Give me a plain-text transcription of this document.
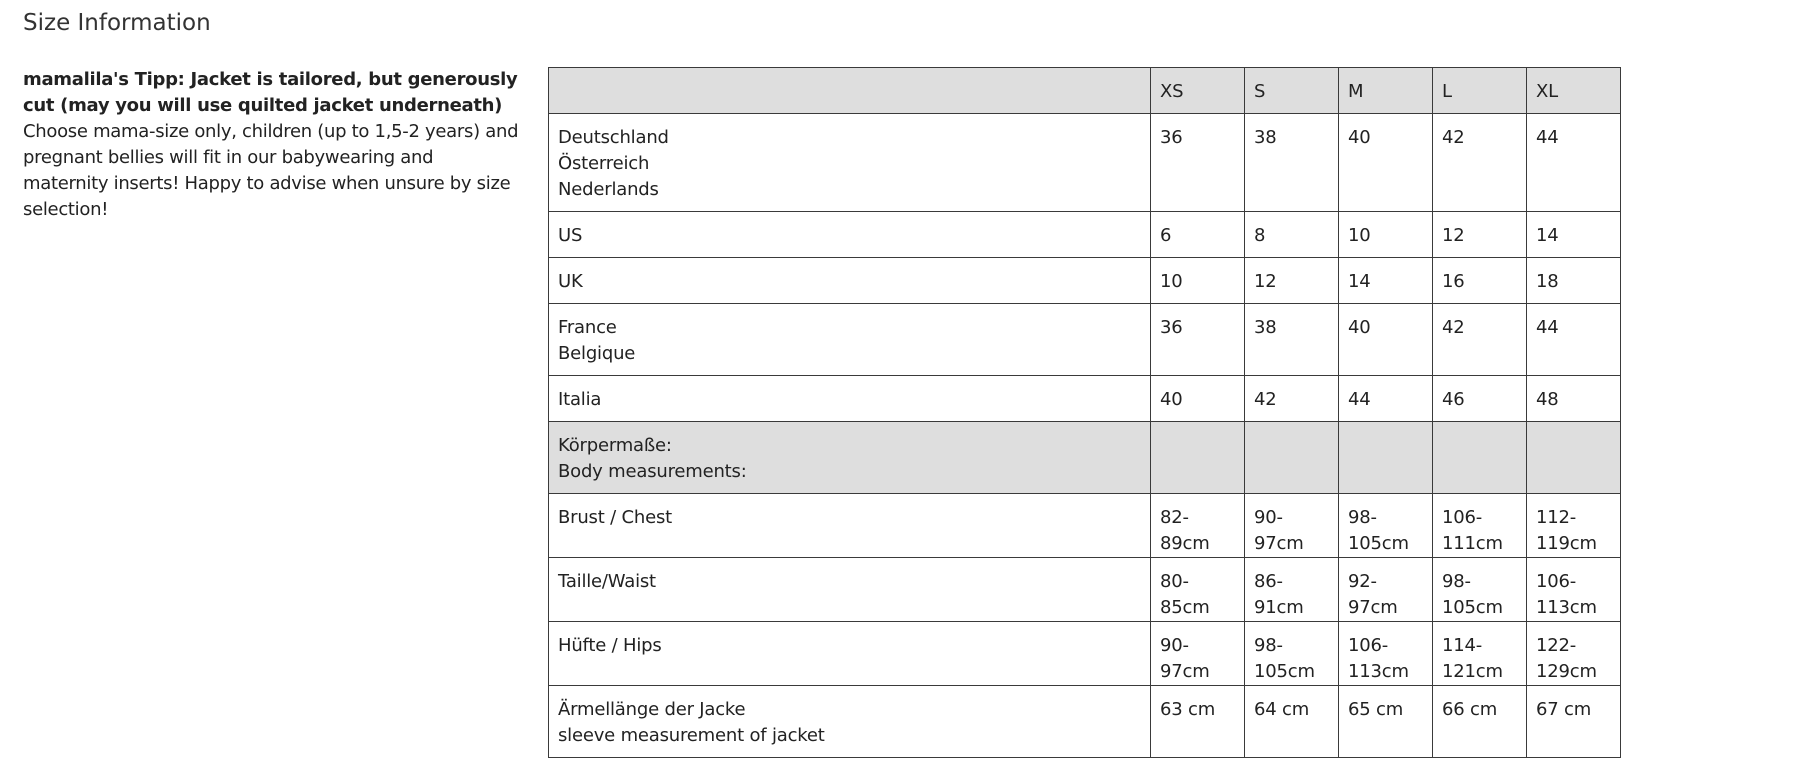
Size Information
mamalila's Tipp: Jacket is tailored, but generously cut (may you will use quilted jacket underneath)
Choose mama-size only, children (up to 1,5-2 years) and pregnant bellies will fit in our babywearing and maternity inserts! Happy to advise when unsure by size selection!
	XS	S	M	L	XL

Deutschland
Österreich
Nederlands	36	38	40	42	44
US	6	8	10	12	14
UK	10	12	14	16	18

France
Belgique	36	38	40	42	44
Italia	40	42	44	46	48

Körpermaße:
Body measurements:					

Brust / Chest	82-89cm	90-97cm	98-105cm	106-111cm	112-119cm
Taille/Waist	80-85cm	86-91cm	92-97cm	98-105cm	106-113cm
Hüfte / Hips	90-97cm	98-105cm	106-113cm	114-121cm	122-129cm

Ärmellänge der Jacke
sleeve measurement of jacket	63 cm	64 cm	65 cm	66 cm	67 cm
